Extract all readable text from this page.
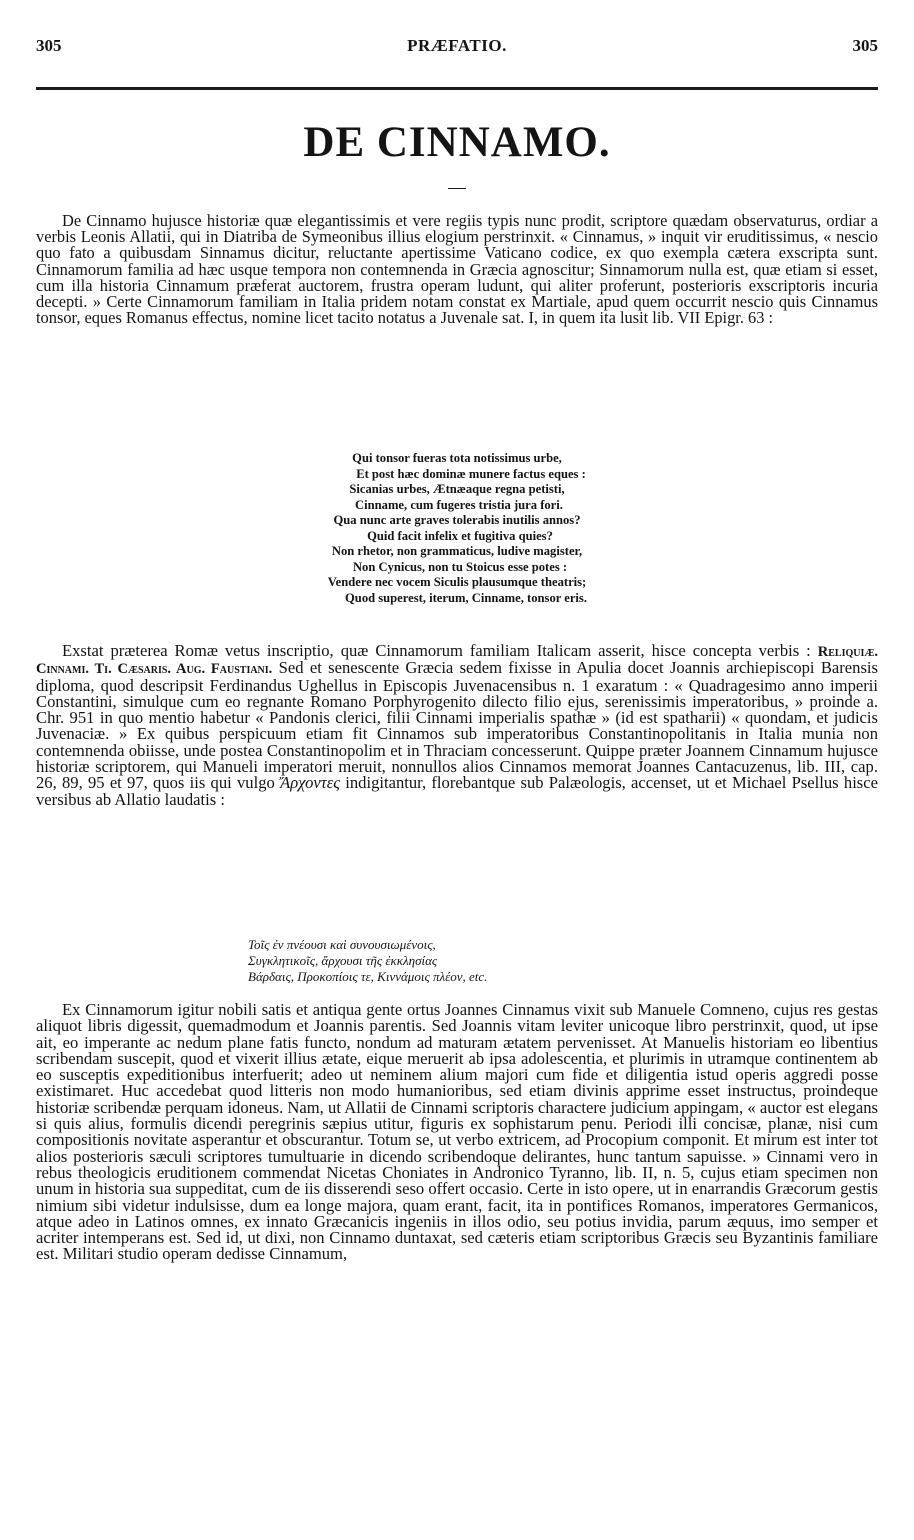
305	PRÆFATIO.	305
DE CINNAMO.

De Cinnamo hujusce historiæ quæ elegantissimis et vere regiis typis nunc prodit, scriptore quædam observaturus, ordiar a verbis Leonis Allatii, qui in Diatriba de Symeonibus illius elogium perstrinxit. « Cinnamus, » inquit vir eruditissimus, « nescio quo fato a quibusdam Sinnamus dicitur, reluctante apertissime Vaticano codice, ex quo exempla cætera exscripta sunt. Cinnamorum familia ad hæc usque tempora non contemnenda in Græcia agnoscitur; Sinnamorum nulla est, quæ etiam si esset, cum illa historia Cinnamum præferat auctorem, frustra operam ludunt, qui aliter proferunt, posterioris exscriptoris incuria decepti. » Certe Cinnamorum familiam in Italia pridem notam constat ex Martiale, apud quem occurrit nescio quis Cinnamus tonsor, eques Romanus effectus, nomine licet tacito notatus a Juvenale sat. I, in quem ita lusit lib. VII Epigr. 63 :

Qui tonsor fueras tota notissimus urbe,
Et post hæc dominæ munere factus eques :
Sicanias urbes, Ætnæaque regna petisti,
Cinname, cum fugeres tristia jura fori.
Qua nunc arte graves tolerabis inutilis annos?
Quid facit infelix et fugitiva quies?
Non rhetor, non grammaticus, ludive magister,
Non Cynicus, non tu Stoicus esse potes :
Vendere nec vocem Siculis plausumque theatris;
Quod superest, iterum, Cinname, tonsor eris.

Exstat præterea Romæ vetus inscriptio, quæ Cinnamorum familiam Italicam asserit, hisce concepta verbis : Reliquiæ. Cinnami. Ti. Cæsaris. Aug. Faustiani. Sed et senescente Græcia sedem fixisse in Apulia docet Joannis archiepiscopi Barensis diploma, quod descripsit Ferdinandus Ughellus in Episcopis Juvenacensibus n. 1 exaratum : « Quadragesimo anno imperii Constantini, simulque cum eo regnante Romano Porphyrogenito dilecto filio ejus, serenissimis imperatoribus, » proinde a. Chr. 951 in quo mentio habetur « Pandonis clerici, filii Cinnami imperialis spathæ » (id est spatharii) « quondam, et judicis Juvenaciæ. » Ex quibus perspicuum etiam fit Cinnamos sub imperatoribus Constantinopolitanis in Italia munia non contemnenda obiisse, unde postea Constantinopolim et in Thraciam concesserunt. Quippe præter Joannem Cinnamum hujusce historiæ scriptorem, qui Manueli imperatori meruit, nonnullos alios Cinnamos memorat Joannes Cantacuzenus, lib. III, cap. 26, 89, 95 et 97, quos iis qui vulgo Ἄρχοντες indigitantur, florebantque sub Palæologis, accenset, ut et Michael Psellus hisce versibus ab Allatio laudatis :

Τοῖς ἐν πνέουσι καὶ συνουσιωμένοις,
Συγκλητικοῖς, ἄρχουσι τῆς ἐκκλησίας
Βάρδαις, Προκοπίοις τε, Κιννάμοις πλέον, etc.

Ex Cinnamorum igitur nobili satis et antiqua gente ortus Joannes Cinnamus vixit sub Manuele Comneno, cujus res gestas aliquot libris digessit, quemadmodum et Joannis parentis. Sed Joannis vitam leviter unicoque libro perstrinxit, quod, ut ipse ait, eo imperante ac nedum plane fatis functo, nondum ad maturam ætatem pervenisset. At Manuelis historiam eo libentius scribendam suscepit, quod et vixerit illius ætate, eique meruerit ab ipsa adolescentia, et plurimis in utramque continentem ab eo susceptis expeditionibus interfuerit; adeo ut neminem alium majori cum fide et diligentia istud operis aggredi posse existimaret. Huc accedebat quod litteris non modo humanioribus, sed etiam divinis apprime esset instructus, proindeque historiæ scribendæ perquam idoneus. Nam, ut Allatii de Cinnami scriptoris charactere judicium appingam, « auctor est elegans si quis alius, formulis dicendi peregrinis sæpius utitur, figuris ex sophistarum penu. Periodi illi concisæ, planæ, nisi cum compositionis novitate asperantur et obscurantur. Totum se, ut verbo extricem, ad Procopium componit. Et mirum est inter tot alios posterioris sæculi scriptores tumultuarie in dicendo scribendoque delirantes, hunc tantum sapuisse. » Cinnami vero in rebus theologicis eruditionem commendat Nicetas Choniates in Andronico Tyranno, lib. II, n. 5, cujus etiam specimen non unum in historia sua suppeditat, cum de iis disserendi seso offert occasio. Certe in isto opere, ut in enarrandis Græcorum gestis nimium sibi videtur indulsisse, dum ea longe majora, quam erant, facit, ita in pontifices Romanos, imperatores Germanicos, atque adeo in Latinos omnes, ex innato Græcanicis ingeniis in illos odio, seu potius invidia, parum æquus, imo semper et acriter intemperans est. Sed id, ut dixi, non Cinnamo duntaxat, sed cæteris etiam scriptoribus Græcis seu Byzantinis familiare est. Militari studio operam dedisse Cinnamum,
